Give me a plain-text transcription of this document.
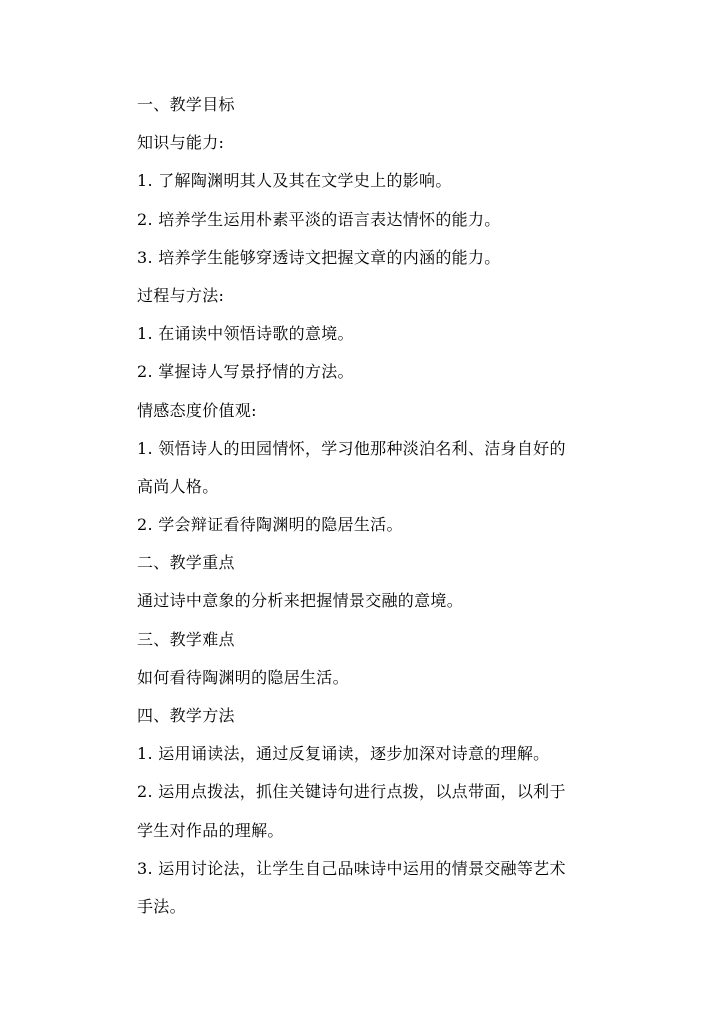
一、教学目标
知识与能力:
1. 了解陶渊明其人及其在文学史上的影响。
2. 培养学生运用朴素平淡的语言表达情怀的能力。
3. 培养学生能够穿透诗文把握文章的内涵的能力。
过程与方法:
1. 在诵读中领悟诗歌的意境。
2. 掌握诗人写景抒情的方法。
情感态度价值观:
1. 领悟诗人的田园情怀，学习他那种淡泊名利、洁身自好的
高尚人格。
2. 学会辩证看待陶渊明的隐居生活。
二、教学重点
通过诗中意象的分析来把握情景交融的意境。
三、教学难点
如何看待陶渊明的隐居生活。
四、教学方法
1. 运用诵读法，通过反复诵读，逐步加深对诗意的理解。
2. 运用点拨法，抓住关键诗句进行点拨，以点带面，以利于
学生对作品的理解。
3. 运用讨论法，让学生自己品味诗中运用的情景交融等艺术
手法。
